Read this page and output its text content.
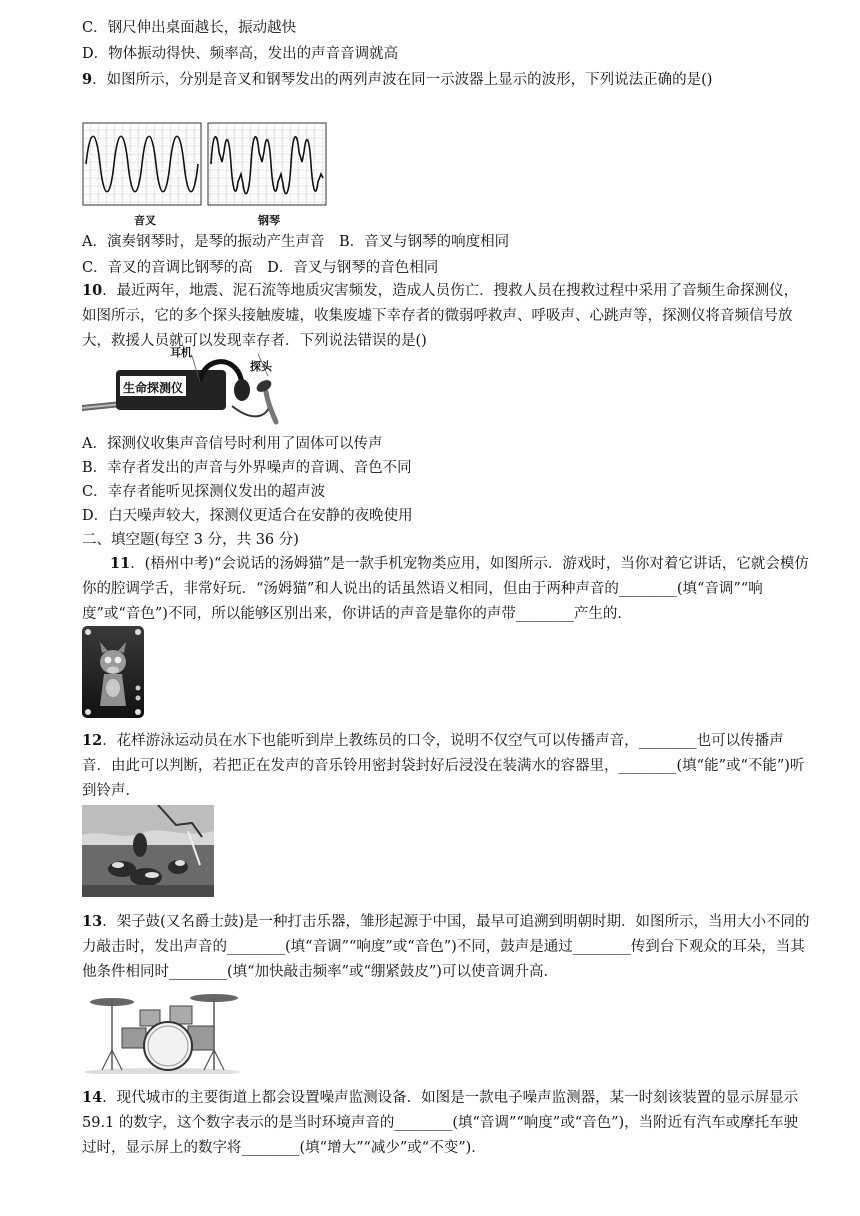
C．钢尺伸出桌面越长，振动越快
D．物体振动得快、频率高，发出的声音音调就高
9．如图所示，分别是音叉和钢琴发出的两列声波在同一示波器上显示的波形，下列说法正确的是()
音叉	钢琴
A．演奏钢琴时，是琴的振动产生声音　B．音叉与钢琴的响度相同
C．音叉的音调比钢琴的高　D．音叉与钢琴的音色相同
10．最近两年，地震、泥石流等地质灾害频发，造成人员伤亡．搜救人员在搜救过程中采用了音频生命探测仪，如图所示，它的多个探头接触废墟，收集废墟下幸存者的微弱呼救声、呼吸声、心跳声等，探测仪将音频信号放大，救援人员就可以发现幸存者．下列说法错误的是()
耳机
探头
生命探测仪
A．探测仪收集声音信号时利用了固体可以传声
B．幸存者发出的声音与外界噪声的音调、音色不同
C．幸存者能听见探测仪发出的超声波
D．白天噪声较大，探测仪更适合在安静的夜晚使用
二、填空题(每空 3 分，共 36 分)
11．(梧州中考)“会说话的汤姆猫”是一款手机宠物类应用，如图所示．游戏时，当你对着它讲话，它就会模仿你的腔调学舌，非常好玩．“汤姆猫”和人说出的话虽然语义相同，但由于两种声音的________(填“音调”“响度”或“音色”)不同，所以能够区别出来，你讲话的声音是靠你的声带________产生的．
12．花样游泳运动员在水下也能听到岸上教练员的口令，说明不仅空气可以传播声音，________也可以传播声音．由此可以判断，若把正在发声的音乐铃用密封袋封好后浸没在装满水的容器里，________(填“能”或“不能”)听到铃声．
13．架子鼓(又名爵士鼓)是一种打击乐器，雏形起源于中国，最早可追溯到明朝时期．如图所示，当用大小不同的力敲击时，发出声音的________(填“音调”“响度”或“音色”)不同，鼓声是通过________传到台下观众的耳朵，当其他条件相同时________(填“加快敲击频率”或“绷紧鼓皮”)可以使音调升高．
14．现代城市的主要街道上都会设置噪声监测设备．如图是一款电子噪声监测器，某一时刻该装置的显示屏显示 59.1 的数字，这个数字表示的是当时环境声音的________(填“音调”“响度”或“音色”)，当附近有汽车或摩托车驶过时，显示屏上的数字将________(填“增大”“减少”或“不变”)．
